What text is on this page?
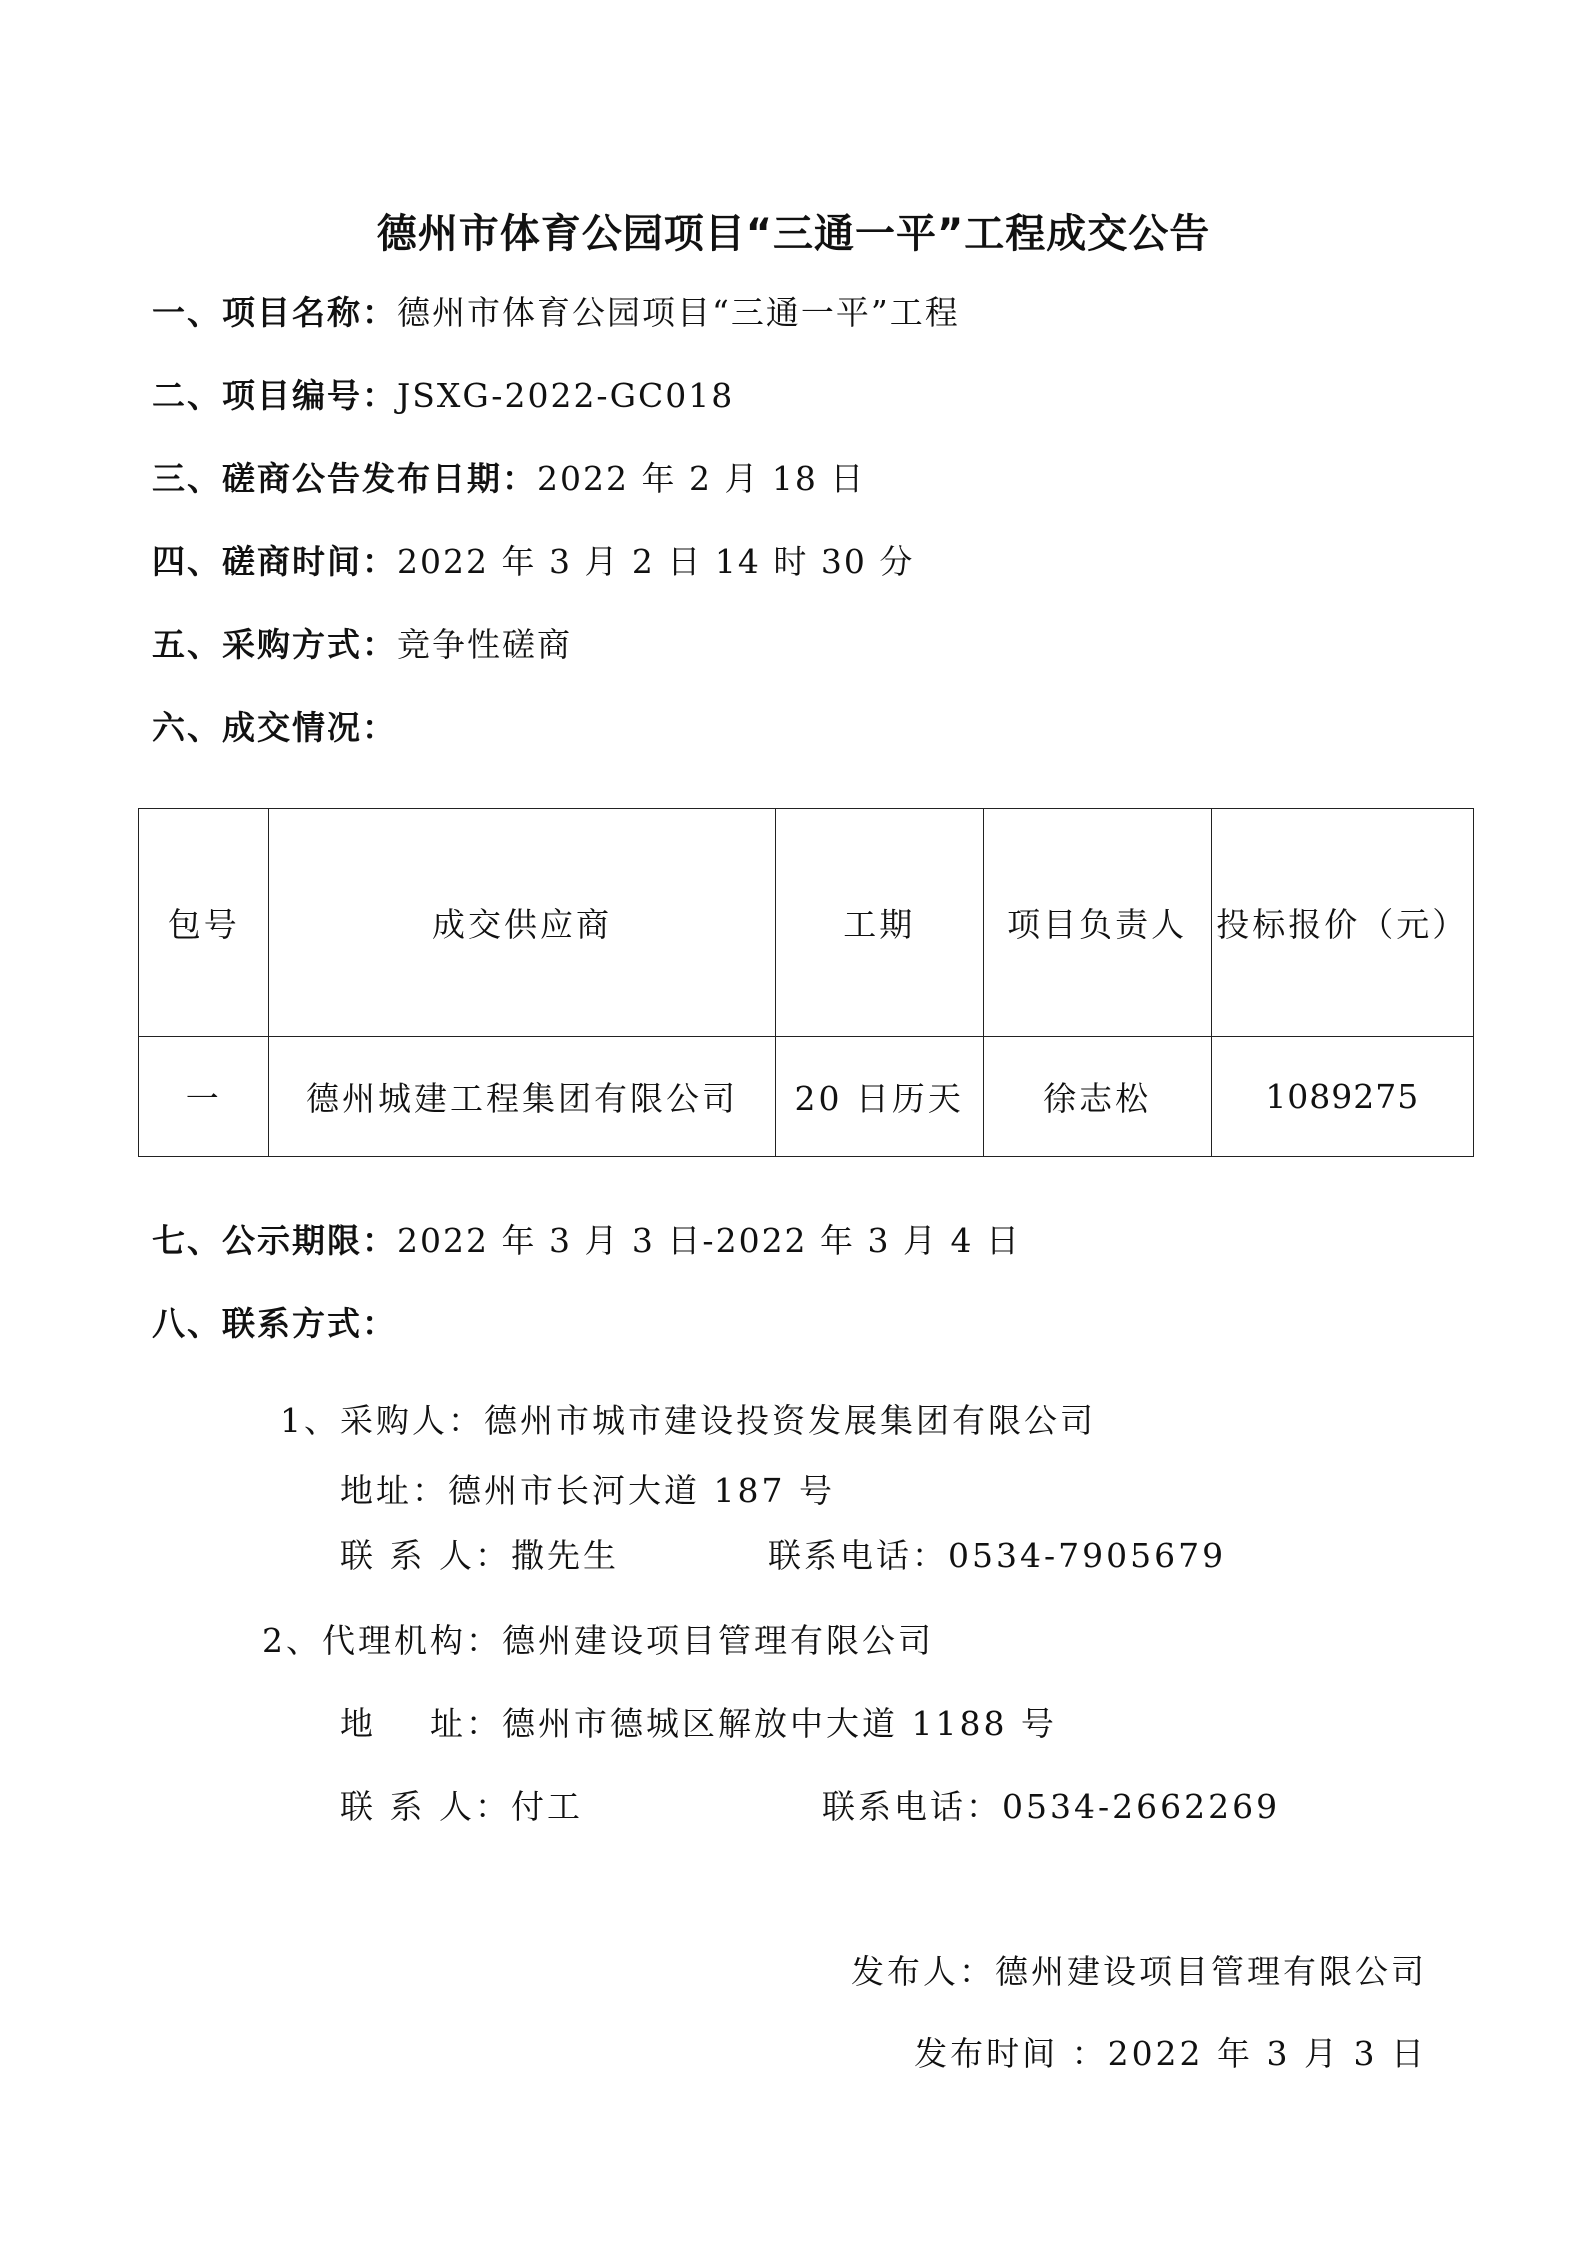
德州市体育公园项目“三通一平”工程成交公告
一、项目名称：德州市体育公园项目“三通一平”工程
二、项目编号：JSXG-2022-GC018
三、磋商公告发布日期：2022 年 2 月 18 日
四、磋商时间：2022 年 3 月 2 日 14 时 30 分
五、采购方式：竞争性磋商
六、成交情况：
包号	成交供应商	工期	项目负责人	投标报价（元）
一	德州城建工程集团有限公司	20 日历天	徐志松	1089275
七、公示期限：2022 年 3 月 3 日-2022 年 3 月 4 日
八、联系方式：
1、采购人：德州市城市建设投资发展集团有限公司
地址：德州市长河大道 187 号
联 系 人：撒先生	联系电话：0534-7905679
2、代理机构：德州建设项目管理有限公司
地    址：德州市德城区解放中大道 1188 号
联 系 人：付工	联系电话：0534-2662269
发布人：德州建设项目管理有限公司
发布时间 ：2022 年 3 月 3 日
